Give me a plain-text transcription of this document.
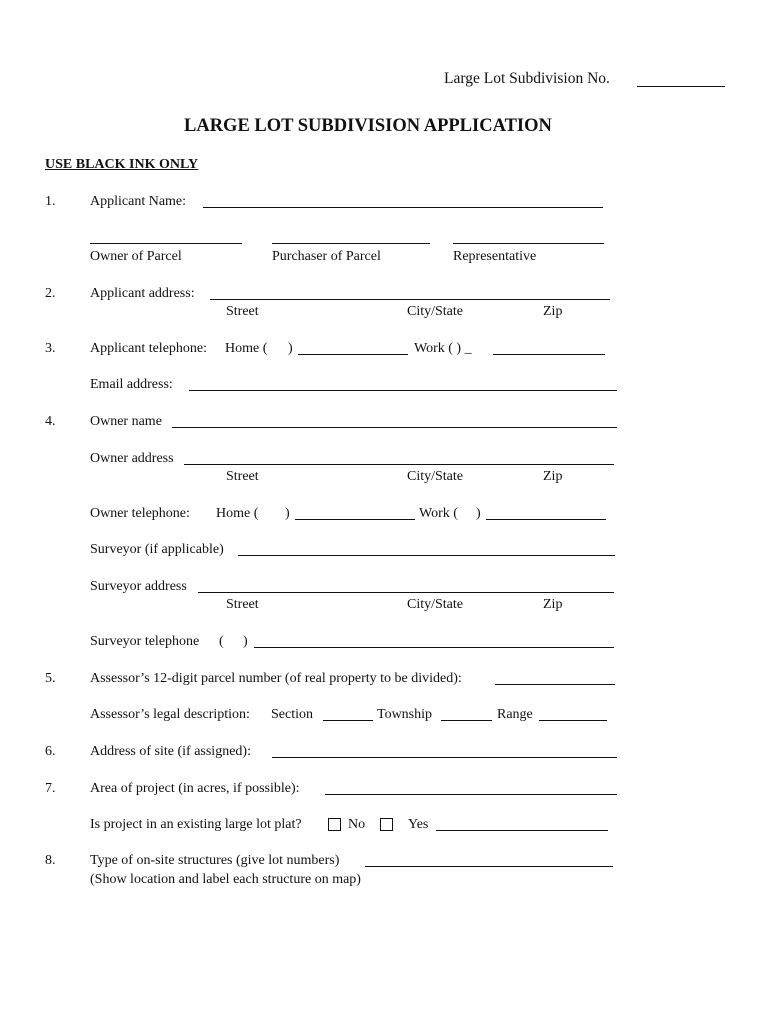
Large Lot Subdivision No.
LARGE LOT SUBDIVISION APPLICATION
USE BLACK INK ONLY
1. Applicant Name:
Owner of Parcel	Purchaser of Parcel	Representative
2. Applicant address:
Street	City/State	Zip
3. Applicant telephone: Home ( )	Work ( ) _
Email address:
4. Owner name
Owner address
Street	City/State	Zip
Owner telephone: Home ( )	Work ( )
Surveyor (if applicable)
Surveyor address
Street	City/State	Zip
Surveyor telephone ( )
5. Assessor’s 12-digit parcel number (of real property to be divided):
Assessor’s legal description: Section	Township	Range
6. Address of site (if assigned):
7. Area of project (in acres, if possible):
Is project in an existing large lot plat?	No	Yes
8. Type of on-site structures (give lot numbers)
(Show location and label each structure on map)
